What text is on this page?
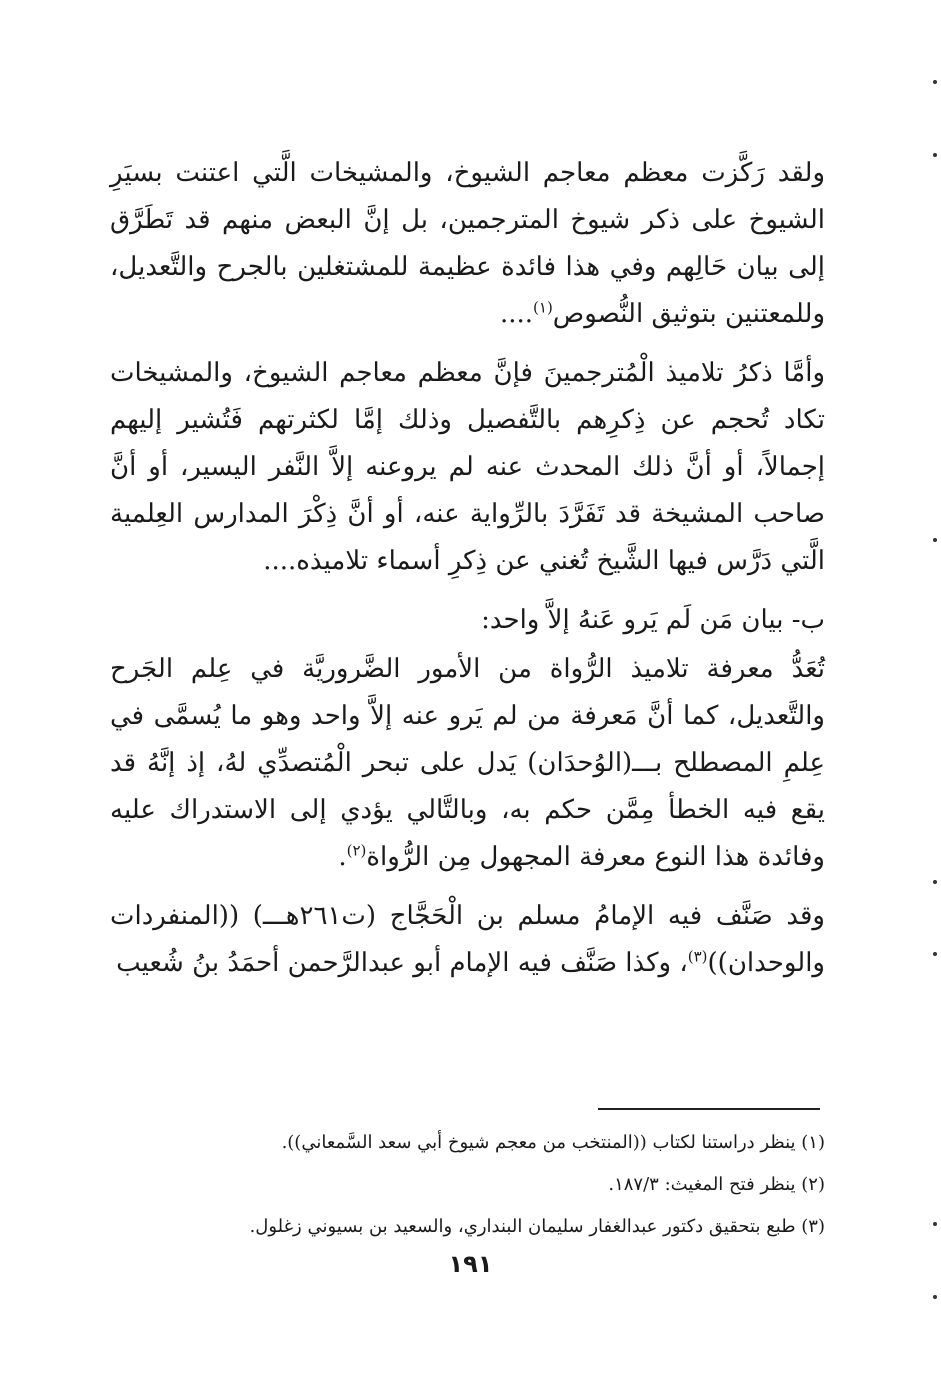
ولقد رَكَّزت معظم معاجم الشيوخ، والمشيخات الَّتي اعتنت بسيَرِ الشيوخ على ذكر شيوخ المترجمين، بل إنَّ البعض منهم قد تَطَرَّق إلى بيان حَالِهم وفي هذا فائدة عظيمة للمشتغلين بالجرح والتَّعديل، وللمعتنين بتوثيق النُّصوص$^{(١)}$....

وأمَّا ذكرُ تلاميذ الْمُترجمينَ فإنَّ معظم معاجم الشيوخ، والمشيخات تكاد تُحجم عن ذِكرِهم بالتَّفصيل وذلك إمَّا لكثرتهم فَتُشير إليهم إجمالاً، أو أنَّ ذلك المحدث عنه لم يروعنه إلاَّ النَّفر اليسير، أو أنَّ صاحب المشيخة قد تَفَرَّدَ بالرِّواية عنه، أو أنَّ ذِكْرَ المدارس العِلمية الَّتي دَرَّس فيها الشَّيخ تُغني عن ذِكرِ أسماء تلاميذه....

ب- بيان مَن لَم يَرو عَنهُ إلاَّ واحد:

تُعَدُّ معرفة تلاميذ الرُّواة من الأمور الضَّروريَّة في عِلم الجَرح والتَّعديل، كما أنَّ مَعرفة من لم يَرو عنه إلاَّ واحد وهو ما يُسمَّى في عِلمِ المصطلح بـــ(الوُحدَان) يَدل على تبحر الْمُتصدِّي لهُ، إذ إنَّهُ قد يقع فيه الخطأ مِمَّن حكم به، وبالتَّالي يؤدي إلى الاستدراك عليه وفائدة هذا النوع معرفة المجهول مِن الرُّواة$^{(٢)}$.

وقد صَنَّف فيه الإمامُ مسلم بن الْحَجَّاج (ت٢٦١هـــ) ((المنفردات والوحدان))$^{(٣)}$، وكذا صَنَّف فيه الإمام أبو عبدالرَّحمن أحمَدُ بنُ شُعيب

(١) ينظر دراستنا لكتاب ((المنتخب من معجم شيوخ أبي سعد السَّمعاني)).

(٢) ينظر فتح المغيث: ١٨٧/٣.

(٣) طبع بتحقيق دكتور عبدالغفار سليمان البنداري، والسعيد بن بسيوني زغلول.

١٩١
